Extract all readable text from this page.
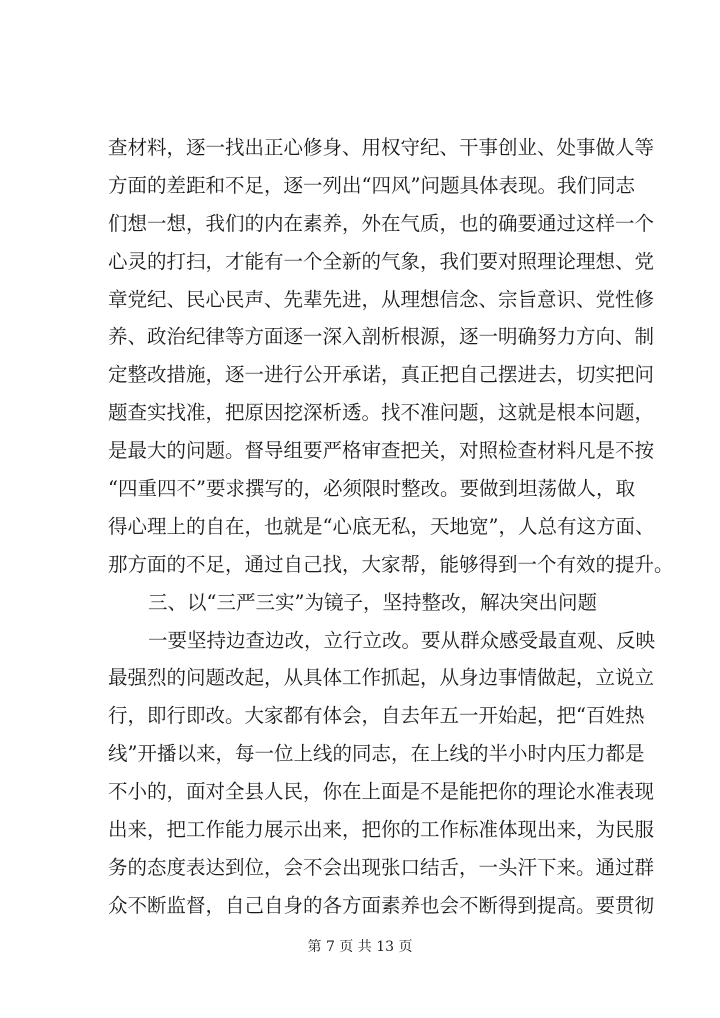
查材料，逐一找出正心修身、用权守纪、干事创业、处事做人等
方面的差距和不足，逐一列出“四风”问题具体表现。我们同志
们想一想，我们的内在素养，外在气质，也的确要通过这样一个
心灵的打扫，才能有一个全新的气象，我们要对照理论理想、党
章党纪、民心民声、先辈先进，从理想信念、宗旨意识、党性修
养、政治纪律等方面逐一深入剖析根源，逐一明确努力方向、制
定整改措施，逐一进行公开承诺，真正把自己摆进去，切实把问
题查实找准，把原因挖深析透。找不准问题，这就是根本问题，
是最大的问题。督导组要严格审查把关，对照检查材料凡是不按
“四重四不”要求撰写的，必须限时整改。要做到坦荡做人，取
得心理上的自在，也就是“心底无私，天地宽”，人总有这方面、
那方面的不足，通过自己找，大家帮，能够得到一个有效的提升。
三、以“三严三实”为镜子，坚持整改，解决突出问题
一要坚持边查边改，立行立改。要从群众感受最直观、反映
最强烈的问题改起，从具体工作抓起，从身边事情做起，立说立
行，即行即改。大家都有体会，自去年五一开始起，把“百姓热
线”开播以来，每一位上线的同志，在上线的半小时内压力都是
不小的，面对全县人民，你在上面是不是能把你的理论水准表现
出来，把工作能力展示出来，把你的工作标准体现出来，为民服
务的态度表达到位，会不会出现张口结舌，一头汗下来。通过群
众不断监督，自己自身的各方面素养也会不断得到提高。要贯彻
第 7 页 共 13 页
